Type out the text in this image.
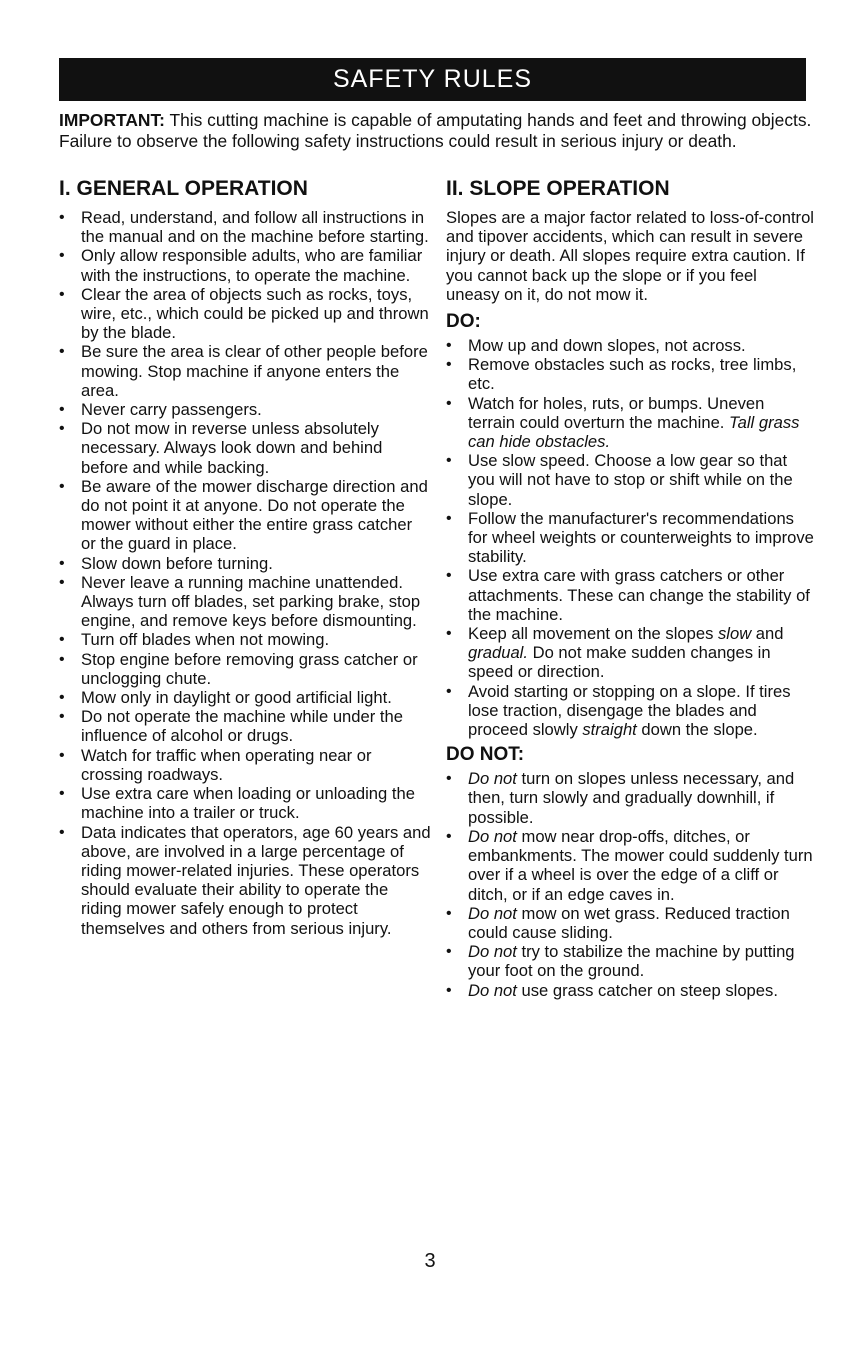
SAFETY RULES
IMPORTANT: This cutting machine is capable of amputating hands and feet and throwing objects. Failure to observe the following safety instructions could result in serious injury or death.
I. GENERAL OPERATION
• Read, understand, and follow all instructions in the manual and on the machine before starting.
• Only allow responsible adults, who are familiar with the instructions, to operate the machine.
• Clear the area of objects such as rocks, toys, wire, etc., which could be picked up and thrown by the blade.
• Be sure the area is clear of other people before mowing. Stop machine if anyone enters the area.
• Never carry passengers.
• Do not mow in reverse unless absolutely necessary. Always look down and behind before and while backing.
• Be aware of the mower discharge direction and do not point it at anyone. Do not operate the mower without either the entire grass catcher or the guard in place.
• Slow down before turning.
• Never leave a running machine unattended. Always turn off blades, set parking brake, stop engine, and remove keys before dismounting.
• Turn off blades when not mowing.
• Stop engine before removing grass catcher or unclogging chute.
• Mow only in daylight or good artificial light.
• Do not operate the machine while under the influence of alcohol or drugs.
• Watch for traffic when operating near or crossing roadways.
• Use extra care when loading or unloading the machine into a trailer or truck.
• Data indicates that operators, age 60 years and above, are involved in a large percentage of riding mower-related injuries. These operators should evaluate their ability to operate the riding mower safely enough to protect themselves and others from serious injury.
II. SLOPE OPERATION

Slopes are a major factor related to loss-of-control and tipover accidents, which can result in severe injury or death. All slopes require extra caution. If you cannot back up the slope or if you feel uneasy on it, do not mow it.

DO:
• Mow up and down slopes, not across.
• Remove obstacles such as rocks, tree limbs, etc.
• Watch for holes, ruts, or bumps. Uneven terrain could overturn the machine. Tall grass can hide obstacles.
• Use slow speed. Choose a low gear so that you will not have to stop or shift while on the slope.
• Follow the manufacturer's recommendations for wheel weights or counterweights to improve stability.
• Use extra care with grass catchers or other attachments. These can change the stability of the machine.
• Keep all movement on the slopes slow and gradual. Do not make sudden changes in speed or direction.
• Avoid starting or stopping on a slope. If tires lose traction, disengage the blades and proceed slowly straight down the slope.
DO NOT:
• Do not turn on slopes unless necessary, and then, turn slowly and gradually downhill, if possible.
• Do not mow near drop-offs, ditches, or embankments. The mower could suddenly turn over if a wheel is over the edge of a cliff or ditch, or if an edge caves in.
• Do not mow on wet grass. Reduced traction could cause sliding.
• Do not try to stabilize the machine by putting your foot on the ground.
• Do not use grass catcher on steep slopes.
3
